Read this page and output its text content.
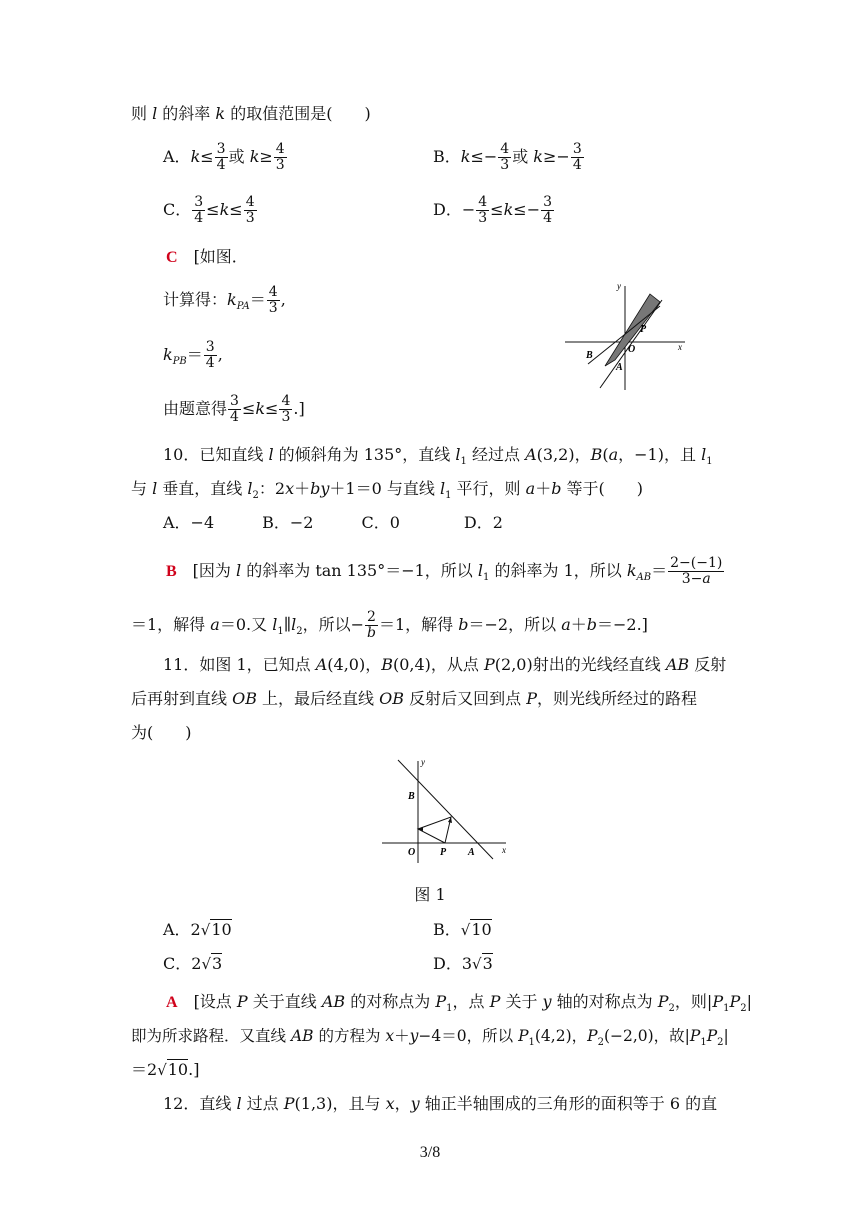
则 l 的斜率 k 的取值范围是(　　)
A．$k\le \frac{3}{4}$ 或 $k\ge \frac{4}{3}$	B．$k\le- \frac{4}{3}$ 或 $k\ge- \frac{3}{4}$
C． $\frac{3}{4} \le k\le \frac{4}{3}$	D．− $\frac{4}{3} \le k\le- \frac{3}{4}$
C　[如图．
计算得：$k_{PA}= \frac{4}{3}$ ,
$k_{PB}= \frac{3}{4}$ ,
由题意得 $\frac{3}{4} \le k\le \frac{4}{3}$ .]
y
x
P
O
B
A
10．已知直线 l 的倾斜角为 135°，直线 $l_1$ 经过点 A(3,2)，B(a，−1)，且 $l_1$
与 l 垂直，直线 $l_2$：2x＋by＋1＝0 与直线 $l_1$ 平行，则 a＋b 等于(　　)
A．−4　　　B．−2　　　C．0　　　　D．2
B　[因为 l 的斜率为 tan 135°＝−1，所以 $l_1$ 的斜率为 1，所以 $k_{AB}= \frac{2-(-1)}{3-a}$
＝1，解得 a＝0.又 $l_1\parallel l_2$，所以− $\frac{2}{b} =1$，解得 b＝−2，所以 a＋b＝−2.]
11．如图 1，已知点 A(4,0)，B(0,4)，从点 P(2,0)射出的光线经直线 AB 反射
后再射到直线 OB 上，最后经直线 OB 反射后又回到点 P，则光线所经过的路程
为(　　)
y
x
B
O P A
图 1
A．2√10	B．√10
C．2√3	D．3√3
A　[设点 P 关于直线 AB 的对称点为 $P_1$，点 P 关于 y 轴的对称点为 $P_2$，则$|P_1P_2|$
即为所求路程．又直线 AB 的方程为 x＋y−4＝0，所以 $P_1(4,2)$，$P_2(-2,0)$，故$|P_1P_2|$
＝2√10.]
12．直线 l 过点 P(1,3)，且与 x，y 轴正半轴围成的三角形的面积等于 6 的直
3/8
